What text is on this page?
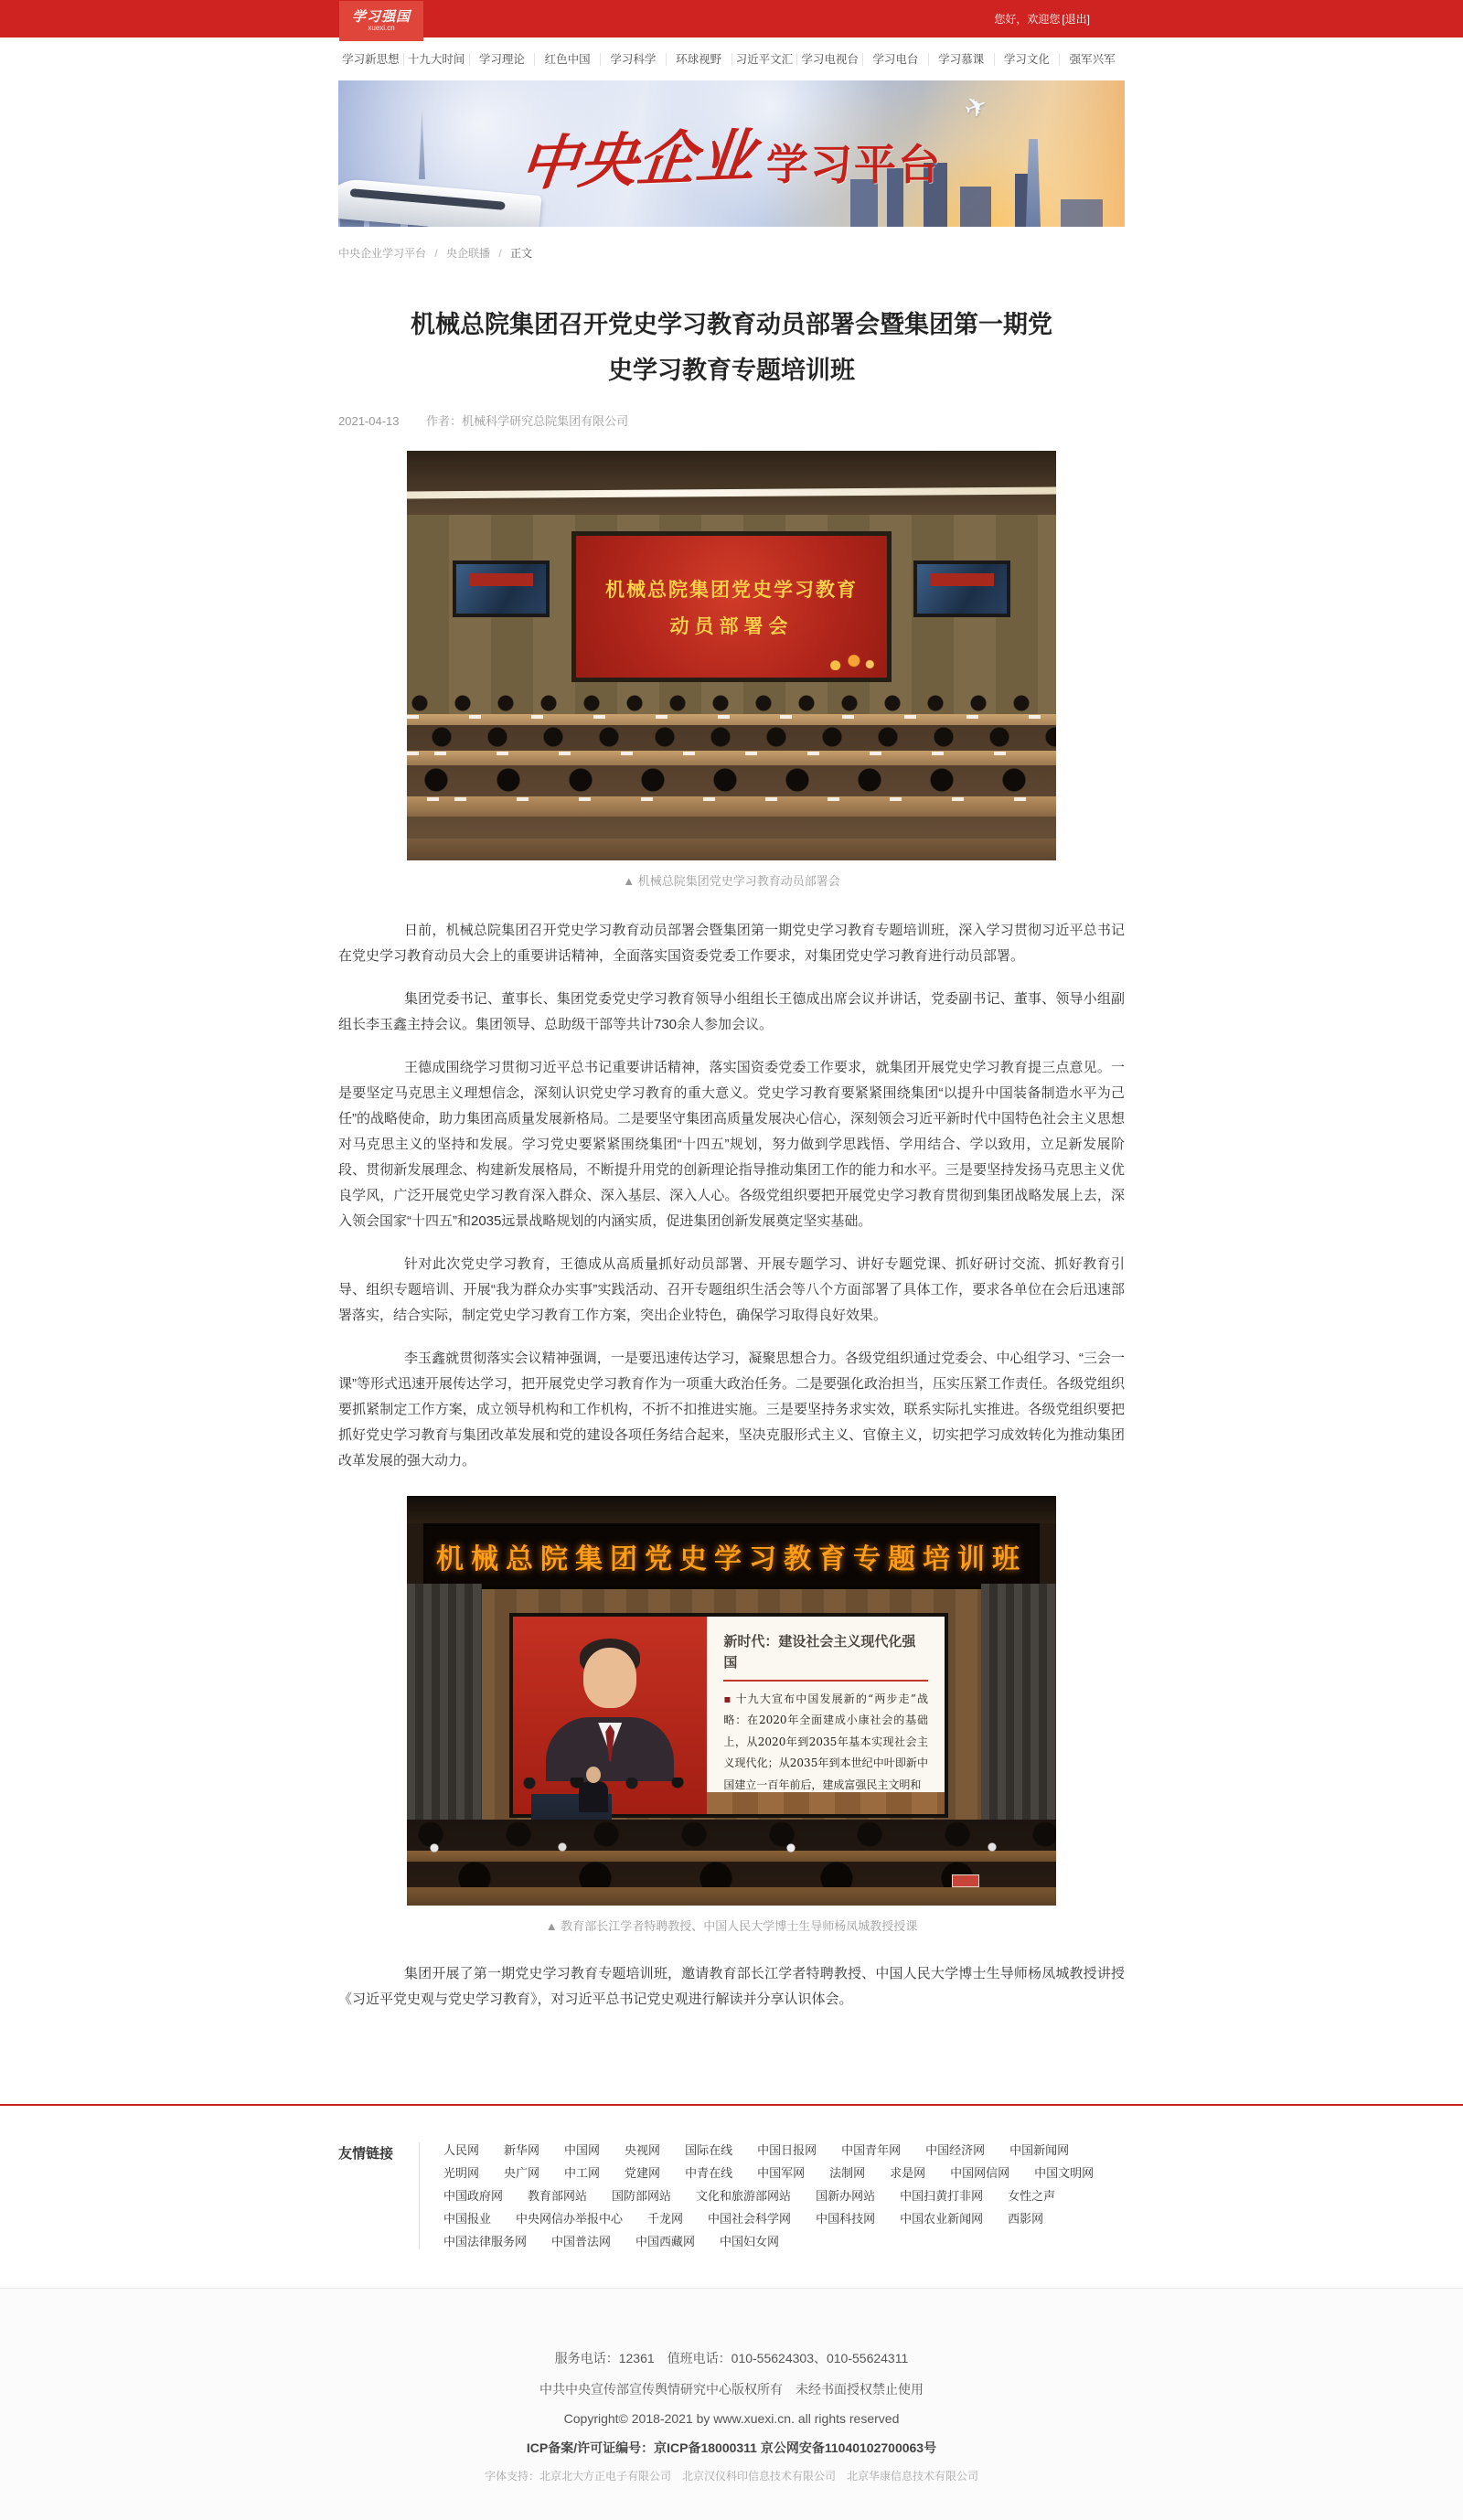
学习强国
xuexi.cn
您好，欢迎您 [退出]
学习新思想 十九大时间	学习理论	红色中国	学习科学	环球视野	习近平文汇 学习电视台	学习电台	学习慕课	学习文化	强军兴军
✈
中央企业 学习平台
中央企业学习平台 / 央企联播 / 正文
机械总院集团召开党史学习教育动员部署会暨集团第一期党史学习教育专题培训班
2021-04-13 作者：机械科学研究总院集团有限公司
机械总院集团党史学习教育
动员部署会
▲ 机械总院集团党史学习教育动员部署会

日前，机械总院集团召开党史学习教育动员部署会暨集团第一期党史学习教育专题培训班，深入学习贯彻习近平总书记在党史学习教育动员大会上的重要讲话精神，全面落实国资委党委工作要求，对集团党史学习教育进行动员部署。

集团党委书记、董事长、集团党委党史学习教育领导小组组长王德成出席会议并讲话，党委副书记、董事、领导小组副组长李玉鑫主持会议。集团领导、总助级干部等共计730余人参加会议。

王德成围绕学习贯彻习近平总书记重要讲话精神，落实国资委党委工作要求，就集团开展党史学习教育提三点意见。一是要坚定马克思主义理想信念，深刻认识党史学习教育的重大意义。党史学习教育要紧紧围绕集团“以提升中国装备制造水平为己任”的战略使命，助力集团高质量发展新格局。二是要坚守集团高质量发展决心信心，深刻领会习近平新时代中国特色社会主义思想对马克思主义的坚持和发展。学习党史要紧紧围绕集团“十四五”规划，努力做到学思践悟、学用结合、学以致用，立足新发展阶段、贯彻新发展理念、构建新发展格局，不断提升用党的创新理论指导推动集团工作的能力和水平。三是要坚持发扬马克思主义优良学风，广泛开展党史学习教育深入群众、深入基层、深入人心。各级党组织要把开展党史学习教育贯彻到集团战略发展上去，深入领会国家“十四五”和2035远景战略规划的内涵实质，促进集团创新发展奠定坚实基础。

针对此次党史学习教育，王德成从高质量抓好动员部署、开展专题学习、讲好专题党课、抓好研讨交流、抓好教育引导、组织专题培训、开展“我为群众办实事”实践活动、召开专题组织生活会等八个方面部署了具体工作，要求各单位在会后迅速部署落实，结合实际，制定党史学习教育工作方案，突出企业特色，确保学习取得良好效果。

李玉鑫就贯彻落实会议精神强调，一是要迅速传达学习，凝聚思想合力。各级党组织通过党委会、中心组学习、“三会一课”等形式迅速开展传达学习，把开展党史学习教育作为一项重大政治任务。二是要强化政治担当，压实压紧工作责任。各级党组织要抓紧制定工作方案，成立领导机构和工作机构，不折不扣推进实施。三是要坚持务求实效，联系实际扎实推进。各级党组织要把抓好党史学习教育与集团改革发展和党的建设各项任务结合起来，坚决克服形式主义、官僚主义，切实把学习成效转化为推动集团改革发展的强大动力。

机械总院集团党史学习教育专题培训班
新时代：建设社会主义现代化强国
▪ 十九大宣布中国发展新的“两步走”战略：在2020年全面建成小康社会的基础上，从2020年到2035年基本实现社会主义现代化；从2035年到本世纪中叶即新中国建立一百年前后，建成富强民主文明和
▲ 教育部长江学者特聘教授、中国人民大学博士生导师杨凤城教授授课

集团开展了第一期党史学习教育专题培训班，邀请教育部长江学者特聘教授、中国人民大学博士生导师杨凤城教授讲授《习近平党史观与党史学习教育》，对习近平总书记党史观进行解读并分享认识体会。

友情链接	人民网 新华网 中国网 央视网 国际在线 中国日报网 中国青年网 中国经济网 中国新闻网
光明网 央广网 中工网 党建网 中青在线 中国军网 法制网 求是网 中国网信网 中国文明网
中国政府网 教育部网站 国防部网站 文化和旅游部网站 国新办网站 中国扫黄打非网 女性之声
中国报业 中央网信办举报中心 千龙网 中国社会科学网 中国科技网 中国农业新闻网 西影网
中国法律服务网 中国普法网 中国西藏网 中国妇女网

服务电话：12361　值班电话：010-55624303、010-55624311

中共中央宣传部宣传舆情研究中心版权所有　未经书面授权禁止使用

Copyright© 2018-2021 by www.xuexi.cn. all rights reserved

ICP备案/许可证编号：京ICP备18000311 京公网安备11040102700063号

字体支持：北京北大方正电子有限公司　北京汉仪科印信息技术有限公司　北京华康信息技术有限公司
